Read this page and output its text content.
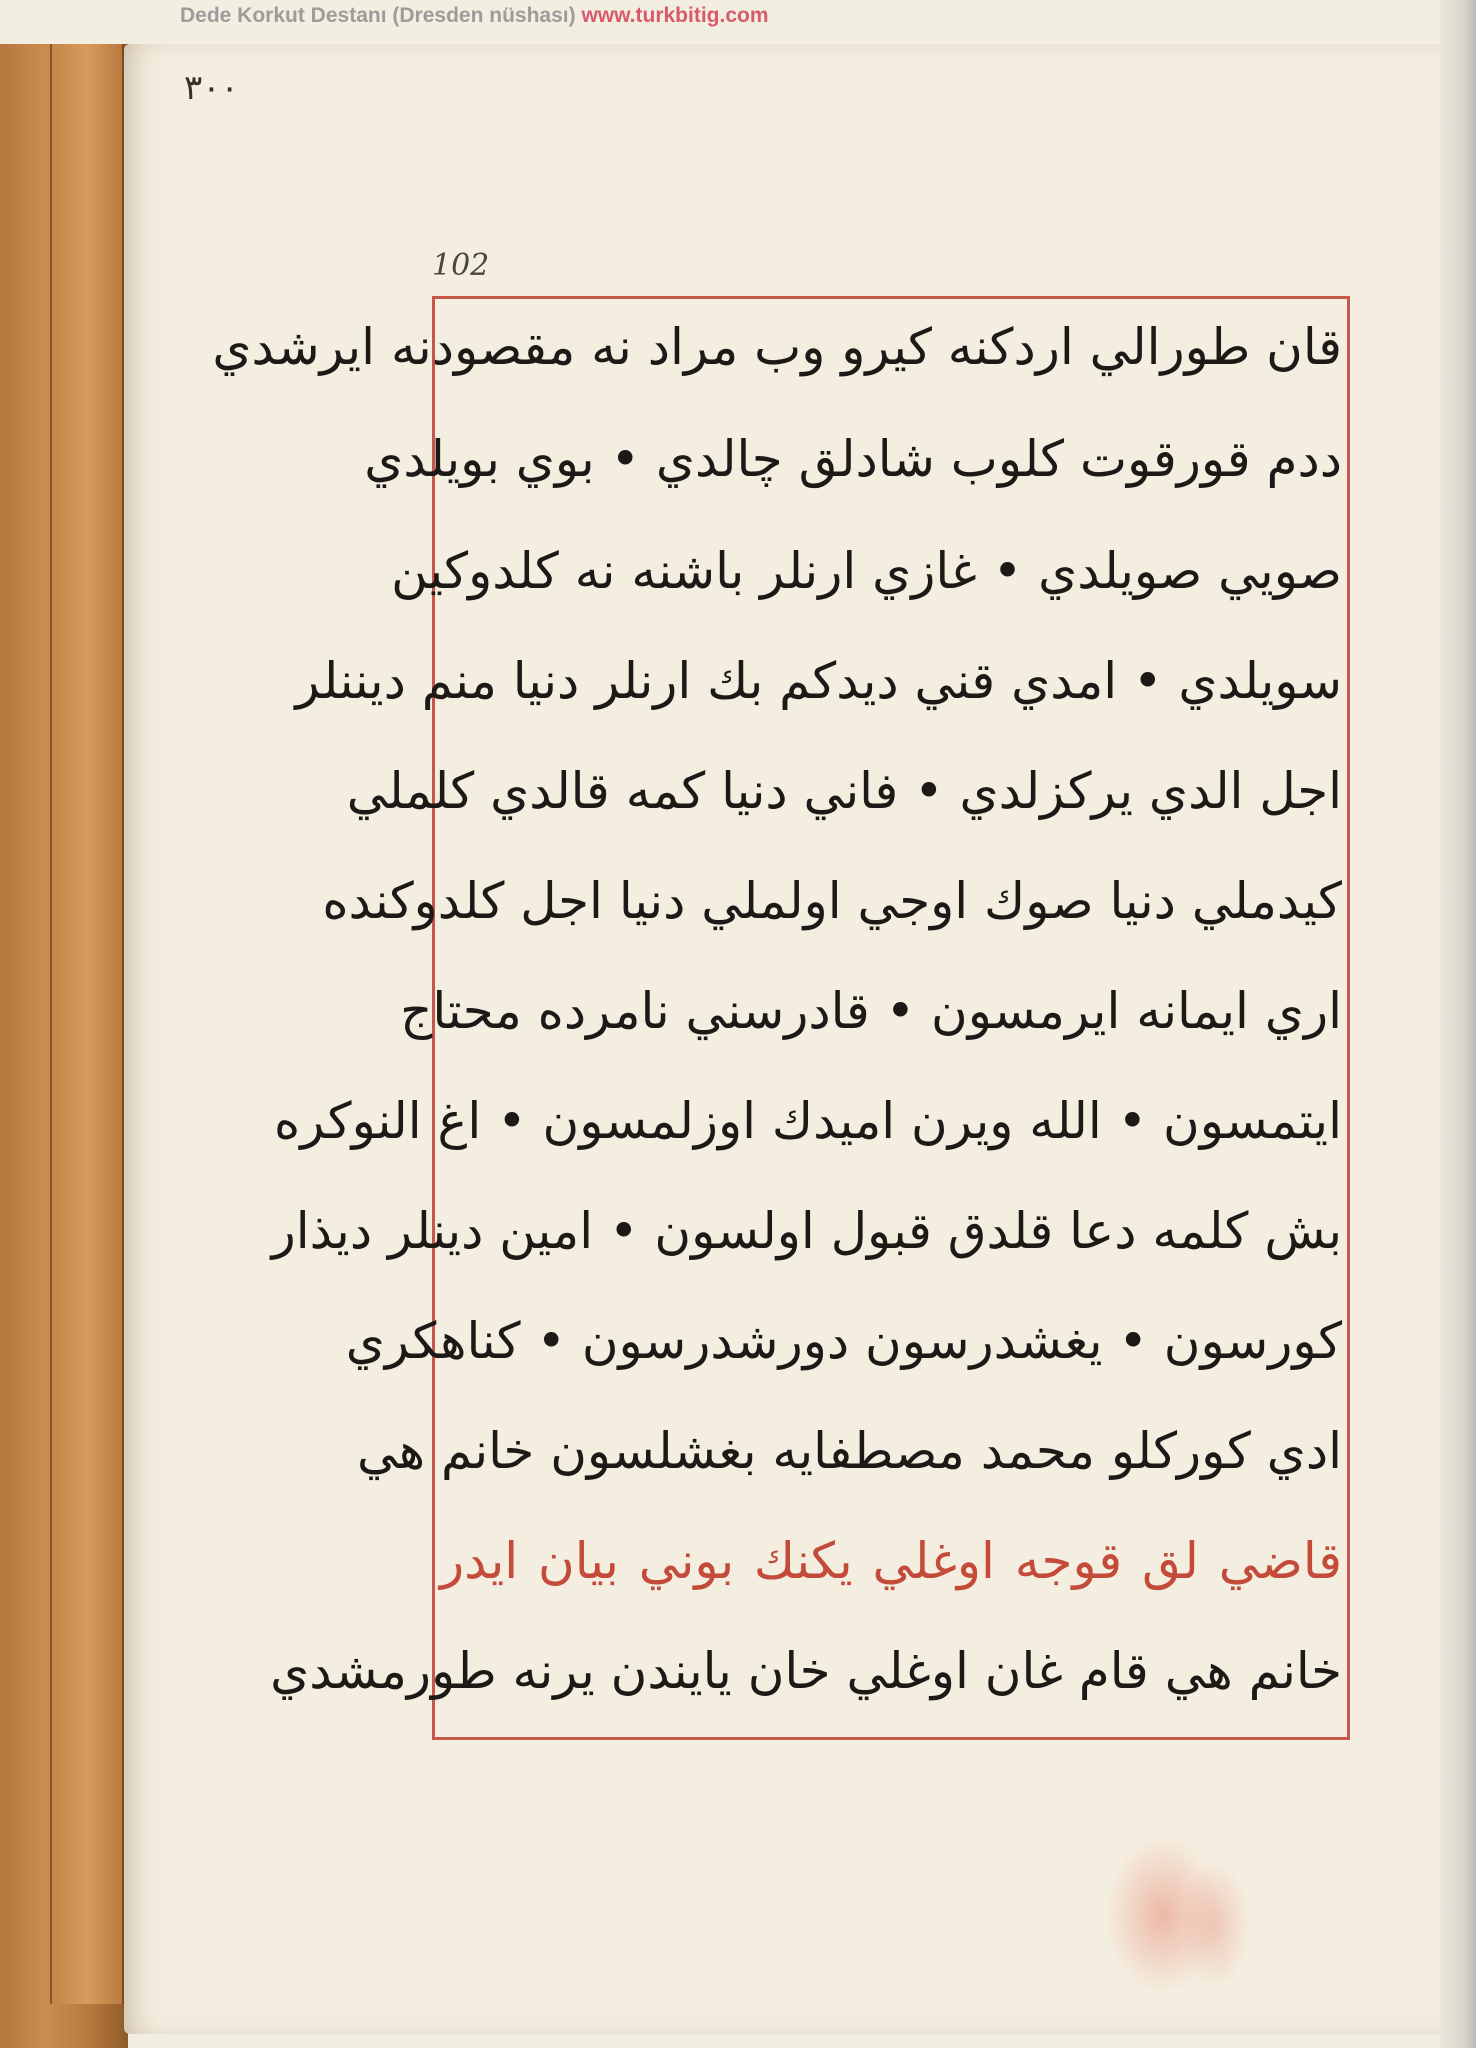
Dede Korkut Destanı (Dresden nüshası) www.turkbitig.com
٣٠٠
102
قان طورالي اردكنه كيرو وب مراد نه مقصودنه ايرشدي
ددم قورقوت كلوب شادلق چالدي • بوي بويلدي
صويي صويلدي • غازي ارنلر باشنه نه كلدوكين
سويلدي • امدي قني ديدكم بك ارنلر دنيا منم ديننلر
اجل الدي يركزلدي • فاني دنيا كمه قالدي كلملي
كيدملي دنيا صوك اوجي اولملي دنيا اجل كلدوكنده
اري ايمانه ايرمسون • قادرسني نامرده محتاج
ايتمسون • الله ويرن اميدك اوزلمسون • اغ النوكره
بش كلمه دعا قلدق قبول اولسون • امين دينلر ديذار
كورسون • يغشدرسون دورشدرسون • كناهكري
ادي كوركلو محمد مصطفايه بغشلسون خانم هي
قاضي لق قوجه اوغلي يكنك بوني بيان ايدر
خانم هي قام غان اوغلي خان يايندن يرنه طورمشدي
